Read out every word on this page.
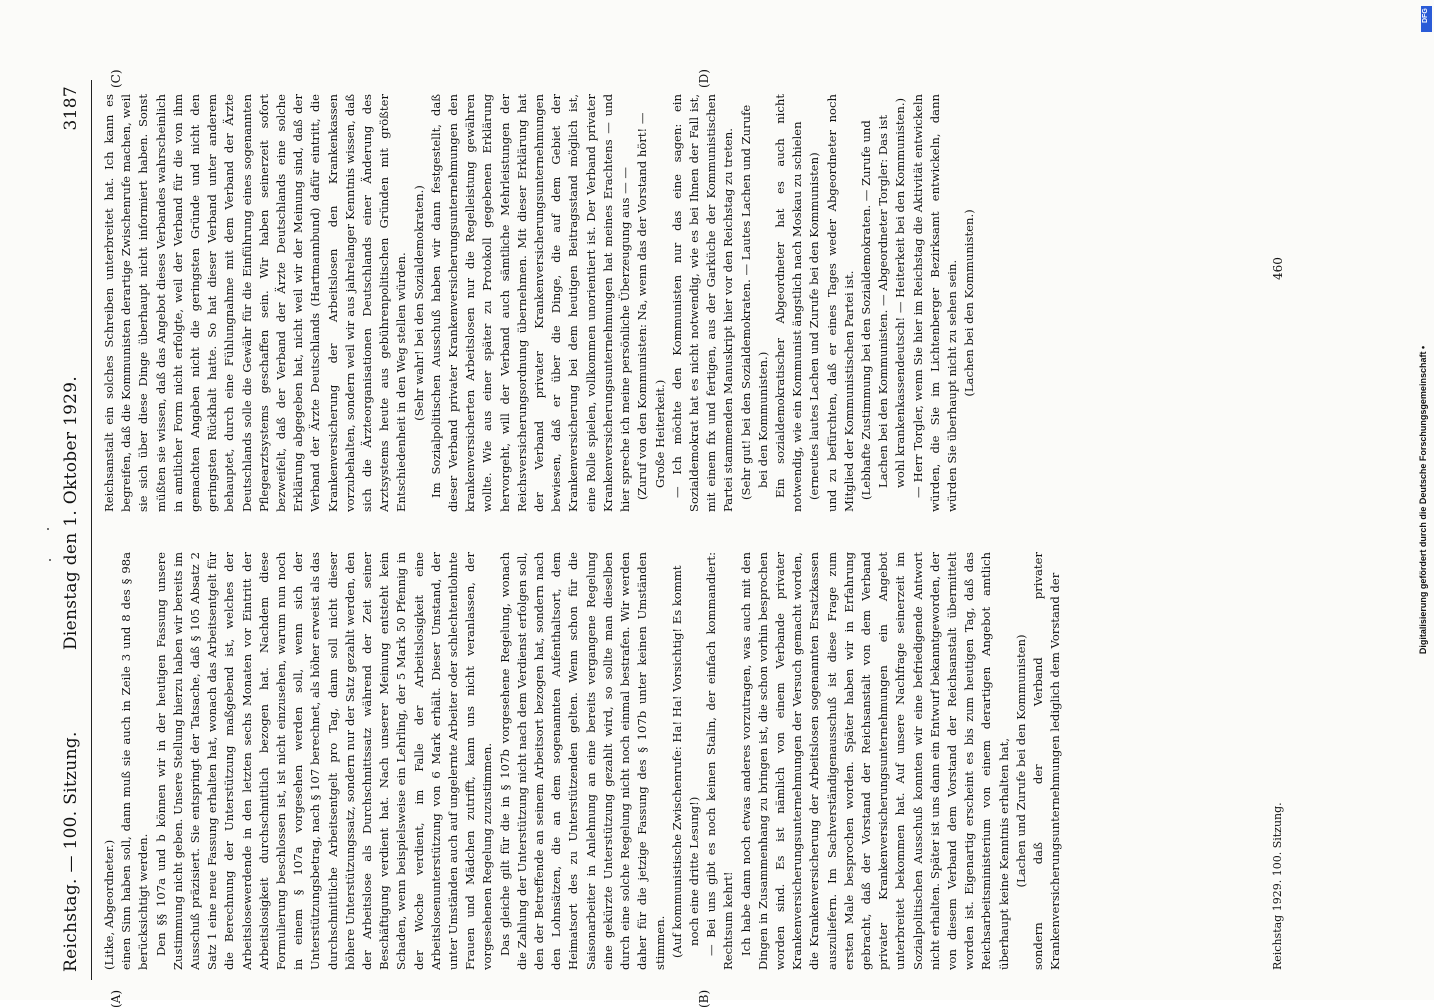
Reichstag. — 100. Sitzung.
Dienstag den 1. Oktober 1929.
3187

(Litke, Abgeordneter.) einen Sinn haben soll, dann muß sie auch in Zeile 3 und 8 des § 98a berücksichtigt werden. Den §§ 107a und b können wir in der heutigen Fassung unsere Zustimmung nicht geben. Unsere Stellung hierzu haben wir bereits im Ausschuß präzisiert. Sie entspringt der Tatsache, daß § 105 Absatz 2 Satz 1 eine neue Fassung erhalten hat, wonach das Arbeitsentgelt für die Berechnung der Unterstützung maßgebend ist, welches der Arbeitslosewerdende in den letzten sechs Monaten vor Eintritt der Arbeitslosigkeit durchschnittlich bezogen hat. Nachdem diese Formulierung beschlossen ist, ist nicht einzusehen, warum nun noch in einem § 107a vorgesehen werden soll, wenn sich der Unterstützungsbetrag, nach § 107 berechnet, als höher erweist als das durchschnittliche Arbeitsentgelt pro Tag, dann soll nicht dieser höhere Unterstützungssatz, sondern nur der Satz gezahlt werden, den der Arbeitslose als Durchschnittssatz während der Zeit seiner Beschäftigung verdient hat. Nach unserer Meinung entsteht kein Schaden, wenn beispielsweise ein Lehrling, der 5 Mark 50 Pfennig in der Woche verdient, im Falle der Arbeitslosigkeit eine Arbeitslosenunterstützung von 6 Mark erhält. Dieser Umstand, der unter Umständen auch auf ungelernte Arbeiter oder schlechtentlohnte Frauen und Mädchen zutrifft, kann uns nicht veranlassen, der vorgesehenen Regelung zuzustimmen. Das gleiche gilt für die in § 107b vorgesehene Regelung, wonach die Zahlung der Unterstützung nicht nach dem Verdienst erfolgen soll, den der Betreffende an seinem Arbeitsort bezogen hat, sondern nach den Lohnsätzen, die an dem sogenannten Aufenthaltsort, dem Heimatsort des zu Unterstützenden gelten. Wenn schon für die Saisonarbeiter in Anlehnung an eine bereits vergangene Regelung eine gekürzte Unterstützung gezahlt wird, so sollte man dieselben durch eine solche Regelung nicht noch einmal bestrafen. Wir werden daher für die jetzige Fassung des § 107b unter keinen Umständen stimmen. (Auf kommunistische Zwischenrufe: Ha! Ha! Vorsichtig! Es kommt noch eine dritte Lesung!) — Bei uns gibt es noch keinen Stalin, der einfach kommandiert: Rechtsum kehrt! Ich habe dann noch etwas anderes vorzutragen, was auch mit den Dingen in Zusammenhang zu bringen ist, die schon vorhin besprochen worden sind. Es ist nämlich von einem Verbande privater Krankenversicherungsunternehmungen der Versuch gemacht worden, die Krankenversicherung der Arbeitslosen sogenannten Ersatzkassen auszuliefern. Im Sachverständigenausschuß ist diese Frage zum ersten Male besprochen worden. Später haben wir in Erfahrung gebracht, daß der Vorstand der Reichsanstalt von dem Verband privater Krankenversicherungsunternehmungen ein Angebot unterbreitet bekommen hat. Auf unsere Nachfrage seinerzeit im Sozialpolitischen Ausschuß konnten wir eine befriedigende Antwort nicht erhalten. Später ist uns dann ein Entwurf bekanntgeworden, der von diesem Verband dem Vorstand der Reichsanstalt übermittelt worden ist. Eigenartig erscheint es bis zum heutigen Tag, daß das Reichsarbeitsministerium von einem derartigen Angebot amtlich überhaupt keine Kenntnis erhalten hat, (Lachen und Zurufe bei den Kommunisten) sondern daß der Verband privater Krankenversicherungsunternehmungen lediglich dem Vorstand der

Reichsanstalt ein solches Schreiben unterbreitet hat. Ich kann es begreifen, daß die Kommunisten derartige Zwischenrufe machen, weil sie sich über diese Dinge überhaupt nicht informiert haben. Sonst müßten sie wissen, daß das Angebot dieses Verbandes wahrscheinlich in amtlicher Form nicht erfolgte, weil der Verband für die von ihm gemachten Angaben nicht die geringsten Gründe und nicht den geringsten Rückhalt hatte. So hat dieser Verband unter anderem behauptet, durch eine Fühlungnahme mit dem Verband der Ärzte Deutschlands solle die Gewähr für die Einführung eines sogenannten Pflegearztsystems geschaffen sein. Wir haben seinerzeit sofort bezweifelt, daß der Verband der Ärzte Deutschlands eine solche Erklärung abgegeben hat, nicht weil wir der Meinung sind, daß der Verband der Ärzte Deutschlands (Hartmannbund) dafür eintritt, die Krankenversicherung der Arbeitslosen den Krankenkassen vorzubehalten, sondern weil wir aus jahrelanger Kenntnis wissen, daß sich die Ärzteorganisationen Deutschlands einer Änderung des Arztsystems heute aus gebührenpolitischen Gründen mit größter Entschiedenheit in den Weg stellen würden. (Sehr wahr! bei den Sozialdemokraten.) Im Sozialpolitischen Ausschuß haben wir dann festgestellt, daß dieser Verband privater Krankenversicherungsunternehmungen den krankenversicherten Arbeitslosen nur die Regelleistung gewähren wollte. Wie aus einer später zu Protokoll gegebenen Erklärung hervorgeht, will der Verband auch sämtliche Mehrleistungen der Reichsversicherungsordnung übernehmen. Mit dieser Erklärung hat der Verband privater Krankenversicherungsunternehmungen bewiesen, daß er über die Dinge, die auf dem Gebiet der Krankenversicherung bei dem heutigen Beitragsstand möglich ist, eine Rolle spielen, vollkommen unorientiert ist. Der Verband privater Krankenversicherungsunternehmungen hat meines Erachtens — und hier spreche ich meine persönliche Überzeugung aus — — (Zuruf von den Kommunisten: Na, wenn das der Vorstand hört! — Große Heiterkeit.) — Ich möchte den Kommunisten nur das eine sagen: ein Sozialdemokrat hat es nicht notwendig, wie es bei Ihnen der Fall ist, mit einem fix und fertigen, aus der Garküche der Kommunistischen Partei stammenden Manuskript hier vor den Reichstag zu treten. (Sehr gut! bei den Sozialdemokraten. — Lautes Lachen und Zurufe bei den Kommunisten.) Ein sozialdemokratischer Abgeordneter hat es auch nicht notwendig, wie ein Kommunist ängstlich nach Moskau zu schielen (erneutes lautes Lachen und Zurufe bei den Kommunisten) und zu befürchten, daß er eines Tages weder Abgeordneter noch Mitglied der Kommunistischen Partei ist. (Lebhafte Zustimmung bei den Sozialdemokraten. — Zurufe und Lachen bei den Kommunisten. — Abgeordneter Torgler: Das ist wohl krankenkassendeutsch! — Heiterkeit bei den Kommunisten.) — Herr Torgler, wenn Sie hier im Reichstag die Aktivität entwickeln würden, die Sie im Lichtenberger Bezirksamt entwickeln, dann würden Sie überhaupt nicht zu sehen sein. (Lachen bei den Kommunisten.)

(A)	(B)
(C)	(D)
Reichstag 1929. 100. Sitzung.
460
DFG
Digitalisierung gefördert durch die Deutsche Forschungsgemeinschaft •
